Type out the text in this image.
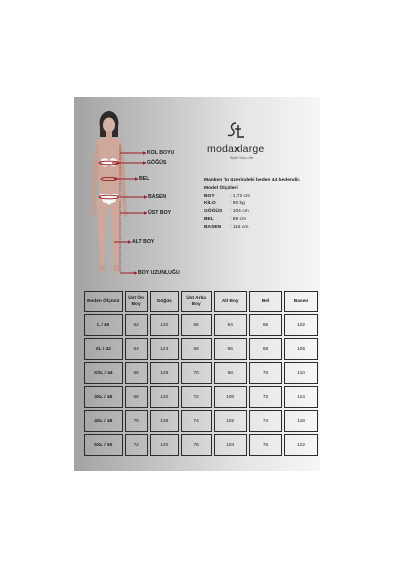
KOL BOYU
GÖĞÜS
BEL
BASEN
ÜST BOY
ALT BOY
BOY UZUNLUĞU
modaxlarge
Style Your Life
Manken 'in üzerindeki beden 44 bedendir.
Model Ölçüleri
BOY	: 1,72 cm
KİLO	: 90 kg
GÖĞÜS	: 104 cm
BEL	: 88 cm
BASEN	: 115 cm
Beden Ölçüsü	Üst Ön Boy	Göğüs	Üst Arka Boy	Alt Boy	Bel	Basen
L / 40	62	120	66	94	66	102
XL / 42	64	124	68	96	68	106
XXL / 44	66	128	70	98	70	110
3XL / 46	68	132	72	100	72	114
4XL / 48	70	136	74	102	74	118
5XL / 50	72	140	76	104	76	122
